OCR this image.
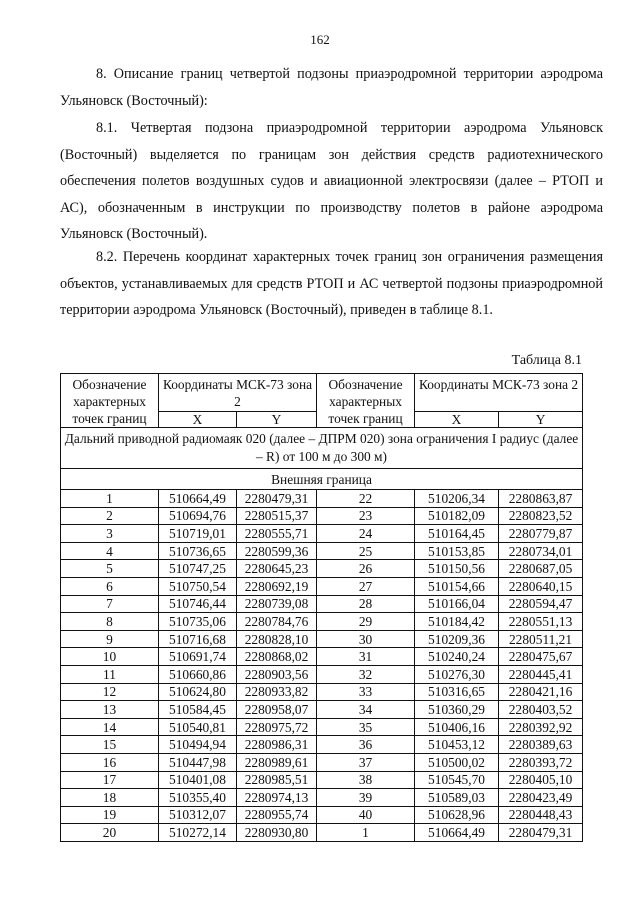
162

8. Описание границ четвертой подзоны приаэродромной территории аэродрома Ульяновск (Восточный):

8.1. Четвертая подзона приаэродромной территории аэродрома Ульяновск (Восточный) выделяется по границам зон действия средств радиотехнического обеспечения полетов воздушных судов и авиационной электросвязи (далее – РТОП и АС), обозначенным в инструкции по производству полетов в районе аэродрома Ульяновск (Восточный).

8.2. Перечень координат характерных точек границ зон ограничения размещения объектов, устанавливаемых для средств РТОП и АС четвертой подзоны приаэродромной территории аэродрома Ульяновск (Восточный), приведен в таблице 8.1.

Таблица 8.1
Обозначение характерных точек границ	Координаты МСК-73 зона 2		Обозначение характерных точек границ	Координаты МСК-73 зона 2	
	X	Y		X	Y
Дальний приводной радиомаяк 020 (далее – ДПРМ 020) зона ограничения I радиус (далее – R) от 100 м до 300 м)					
Внешняя граница					
1	510664,49	2280479,31	22	510206,34	2280863,87
2	510694,76	2280515,37	23	510182,09	2280823,52
3	510719,01	2280555,71	24	510164,45	2280779,87
4	510736,65	2280599,36	25	510153,85	2280734,01
5	510747,25	2280645,23	26	510150,56	2280687,05
6	510750,54	2280692,19	27	510154,66	2280640,15
7	510746,44	2280739,08	28	510166,04	2280594,47
8	510735,06	2280784,76	29	510184,42	2280551,13
9	510716,68	2280828,10	30	510209,36	2280511,21
10	510691,74	2280868,02	31	510240,24	2280475,67
11	510660,86	2280903,56	32	510276,30	2280445,41
12	510624,80	2280933,82	33	510316,65	2280421,16
13	510584,45	2280958,07	34	510360,29	2280403,52
14	510540,81	2280975,72	35	510406,16	2280392,92
15	510494,94	2280986,31	36	510453,12	2280389,63
16	510447,98	2280989,61	37	510500,02	2280393,72
17	510401,08	2280985,51	38	510545,70	2280405,10
18	510355,40	2280974,13	39	510589,03	2280423,49
19	510312,07	2280955,74	40	510628,96	2280448,43
20	510272,14	2280930,80	1	510664,49	2280479,31
